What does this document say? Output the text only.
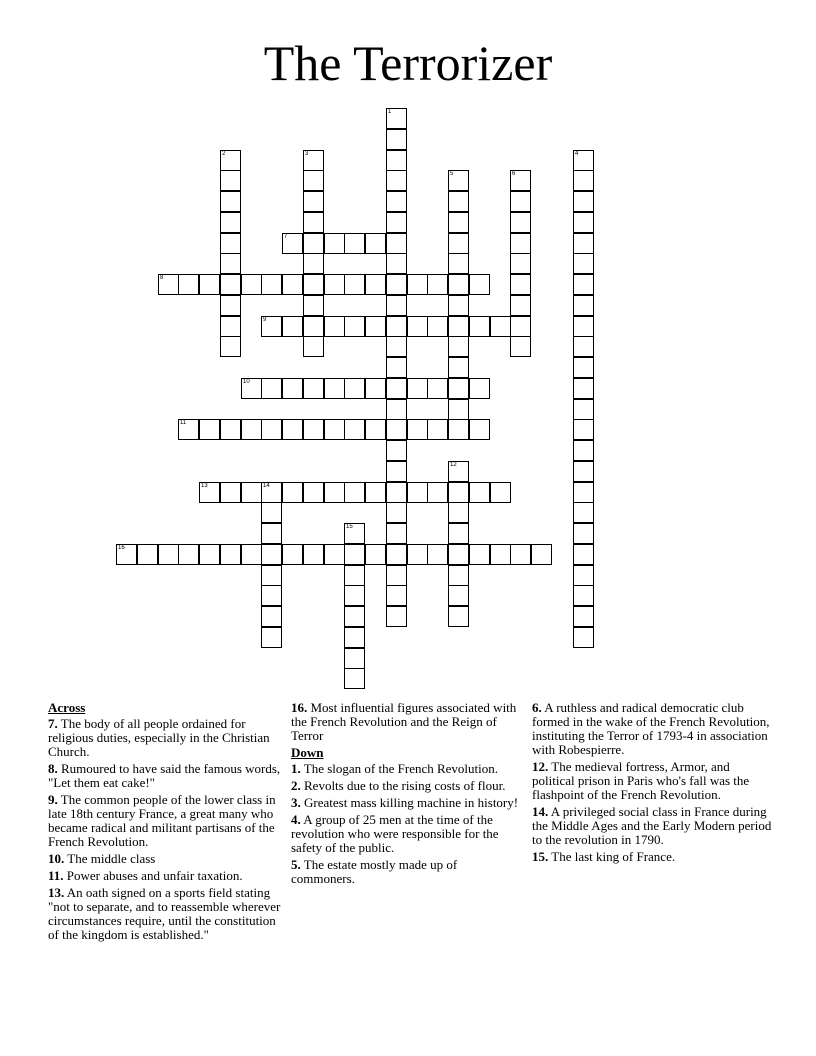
The Terrorizer
1
2	3	4
5	6
7
8
9
10
11
12
13	14
15
16
Across

7. The body of all people ordained for religious duties, especially in the Christian Church.

8. Rumoured to have said the famous words, "Let them eat cake!"

9. The common people of the lower class in late 18th century France, a great many who became radical and militant partisans of the French Revolution.

10. The middle class

11. Power abuses and unfair taxation.

13. An oath signed on a sports field stating "not to separate, and to reassemble wherever circumstances require, until the constitution of the kingdom is established."

16. Most influential figures associated with the French Revolution and the Reign of Terror

Down

1. The slogan of the French Revolution.

2. Revolts due to the rising costs of flour.

3. Greatest mass killing machine in history!

4. A group of 25 men at the time of the revolution who were responsible for the safety of the public.

5. The estate mostly made up of commoners.

6. A ruthless and radical democratic club formed in the wake of the French Revolution, instituting the Terror of 1793-4 in association with Robespierre.

12. The medieval fortress, Armor, and political prison in Paris who's fall was the flashpoint of the French Revolution.

14. A privileged social class in France during the Middle Ages and the Early Modern period to the revolution in 1790.

15. The last king of France.
